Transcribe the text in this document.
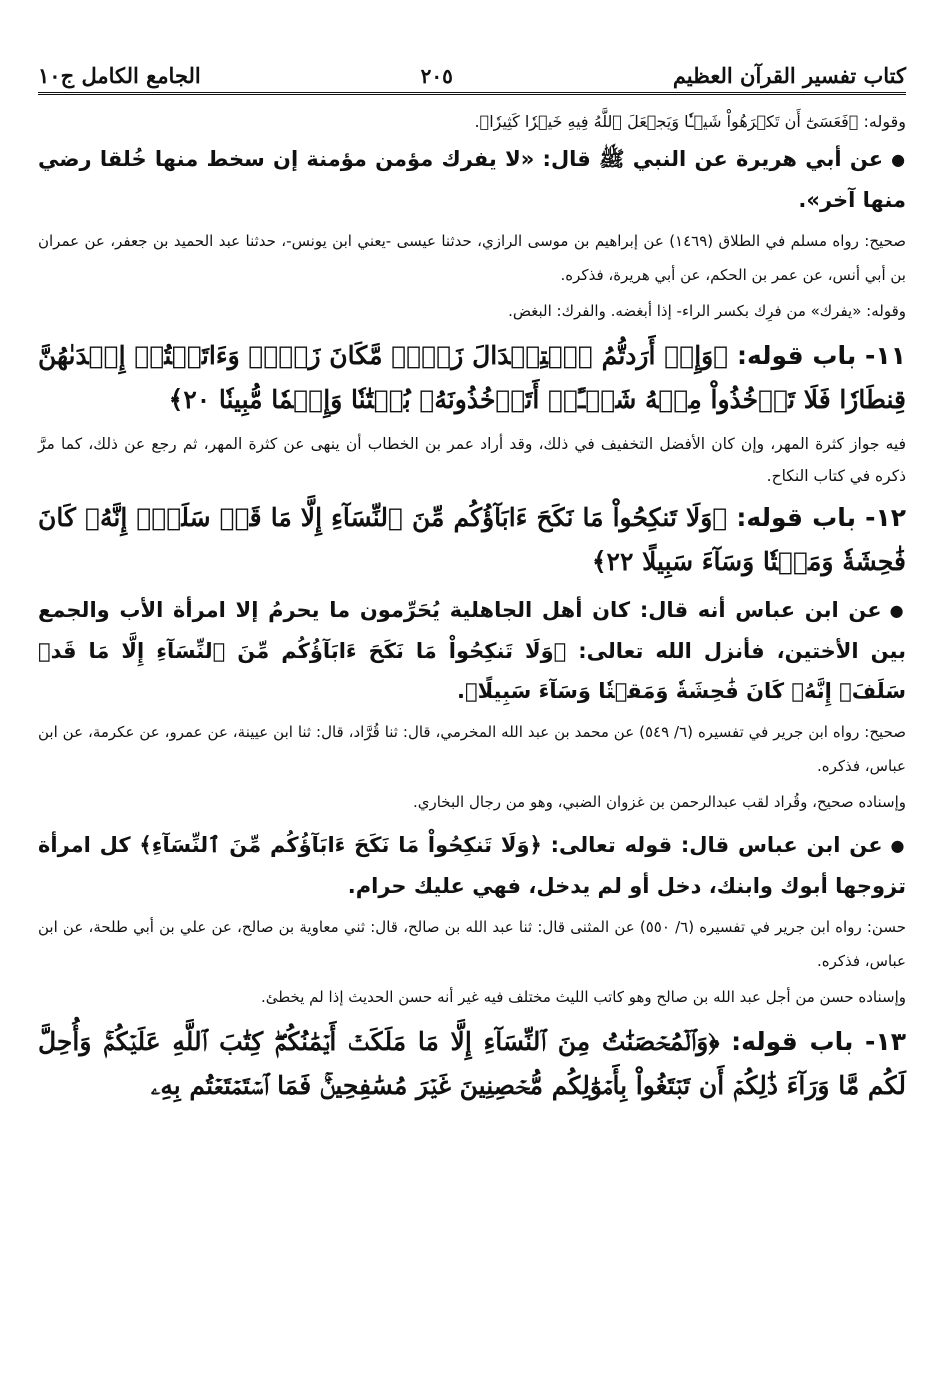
كتاب تفسير القرآن العظيم
٢٠٥
الجامع الكامل ج١٠

وقوله: ﴿فَعَسَىٰٓ أَن تَكۡرَهُواْ شَيۡـٔٗا وَيَجۡعَلَ ٱللَّهُ فِيهِ خَيۡرٗا كَثِيرٗا﴾.

●عن أبي هريرة عن النبي ﷺ قال: «لا يفرك مؤمن مؤمنة إن سخط منها خُلقا رضي منها آخر».

صحيح: رواه مسلم في الطلاق (١٤٦٩) عن إبراهيم بن موسى الرازي، حدثنا عيسى -يعني ابن يونس-، حدثنا عبد الحميد بن جعفر، عن عمران بن أبي أنس، عن عمر بن الحكم، عن أبي هريرة، فذكره.

وقوله: «يفرك» من فرِك بكسر الراء- إذا أبغضه. والفرك: البغض.

١١- باب قوله: ﴿وَإِنۡ أَرَدتُّمُ ٱسۡتِبۡدَالَ زَوۡجٖ مَّكَانَ زَوۡجٖ وَءَاتَيۡتُمۡ إِحۡدَىٰهُنَّ قِنطَارٗا فَلَا تَأۡخُذُواْ مِنۡهُ شَيۡـًٔاۚ أَتَأۡخُذُونَهُۥ بُهۡتَٰنٗا وَإِثۡمٗا مُّبِينٗا ٢٠﴾

فيه جواز كثرة المهر، وإن كان الأفضل التخفيف في ذلك، وقد أراد عمر بن الخطاب أن ينهى عن كثرة المهر، ثم رجع عن ذلك، كما مرَّ ذكره في كتاب النكاح.

١٢- باب قوله: ﴿وَلَا تَنكِحُواْ مَا نَكَحَ ءَابَآؤُكُم مِّنَ ٱلنِّسَآءِ إِلَّا مَا قَدۡ سَلَفَۚ إِنَّهُۥ كَانَ فَٰحِشَةٗ وَمَقۡتٗا وَسَآءَ سَبِيلًا ٢٢﴾

●عن ابن عباس أنه قال: كان أهل الجاهلية يُحَرِّمون ما يحرمُ إلا امرأة الأب والجمع بين الأختين، فأنزل الله تعالى: ﴿وَلَا تَنكِحُواْ مَا نَكَحَ ءَابَآؤُكُم مِّنَ ٱلنِّسَآءِ إِلَّا مَا قَدۡ سَلَفَۚ إِنَّهُۥ كَانَ فَٰحِشَةٗ وَمَقۡتٗا وَسَآءَ سَبِيلًا﴾.

صحيح: رواه ابن جرير في تفسيره (٦/ ٥٤٩) عن محمد بن عبد الله المخرمي، قال: ثنا قُرَّاد، قال: ثنا ابن عيينة، عن عمرو، عن عكرمة، عن ابن عباس، فذكره.

وإسناده صحيح، وقُراد لقب عبدالرحمن بن غزوان الضبي، وهو من رجال البخاري.

●عن ابن عباس قال: قوله تعالى: ﴿وَلَا تَنكِحُواْ مَا نَكَحَ ءَابَآؤُكُم مِّنَ ٱلنِّسَآءِ﴾ كل امرأة تزوجها أبوك وابنك، دخل أو لم يدخل، فهي عليك حرام.

حسن: رواه ابن جرير في تفسيره (٦/ ٥٥٠) عن المثنى قال: ثنا عبد الله بن صالح، قال: ثني معاوية بن صالح، عن علي بن أبي طلحة، عن ابن عباس، فذكره.

وإسناده حسن من أجل عبد الله بن صالح وهو كاتب الليث مختلف فيه غير أنه حسن الحديث إذا لم يخطئ.

١٣- باب قوله: ﴿وَٱلۡمُحۡصَنَٰتُ مِنَ ٱلنِّسَآءِ إِلَّا مَا مَلَكَتۡ أَيۡمَٰنُكُمۡۖ كِتَٰبَ ٱللَّهِ عَلَيۡكُمۡۚ وَأُحِلَّ لَكُم مَّا وَرَآءَ ذَٰلِكُمۡ أَن تَبۡتَغُواْ بِأَمۡوَٰلِكُم مُّحۡصِنِينَ غَيۡرَ مُسَٰفِحِينَۚ فَمَا ٱسۡتَمۡتَعۡتُم بِهِۦ
